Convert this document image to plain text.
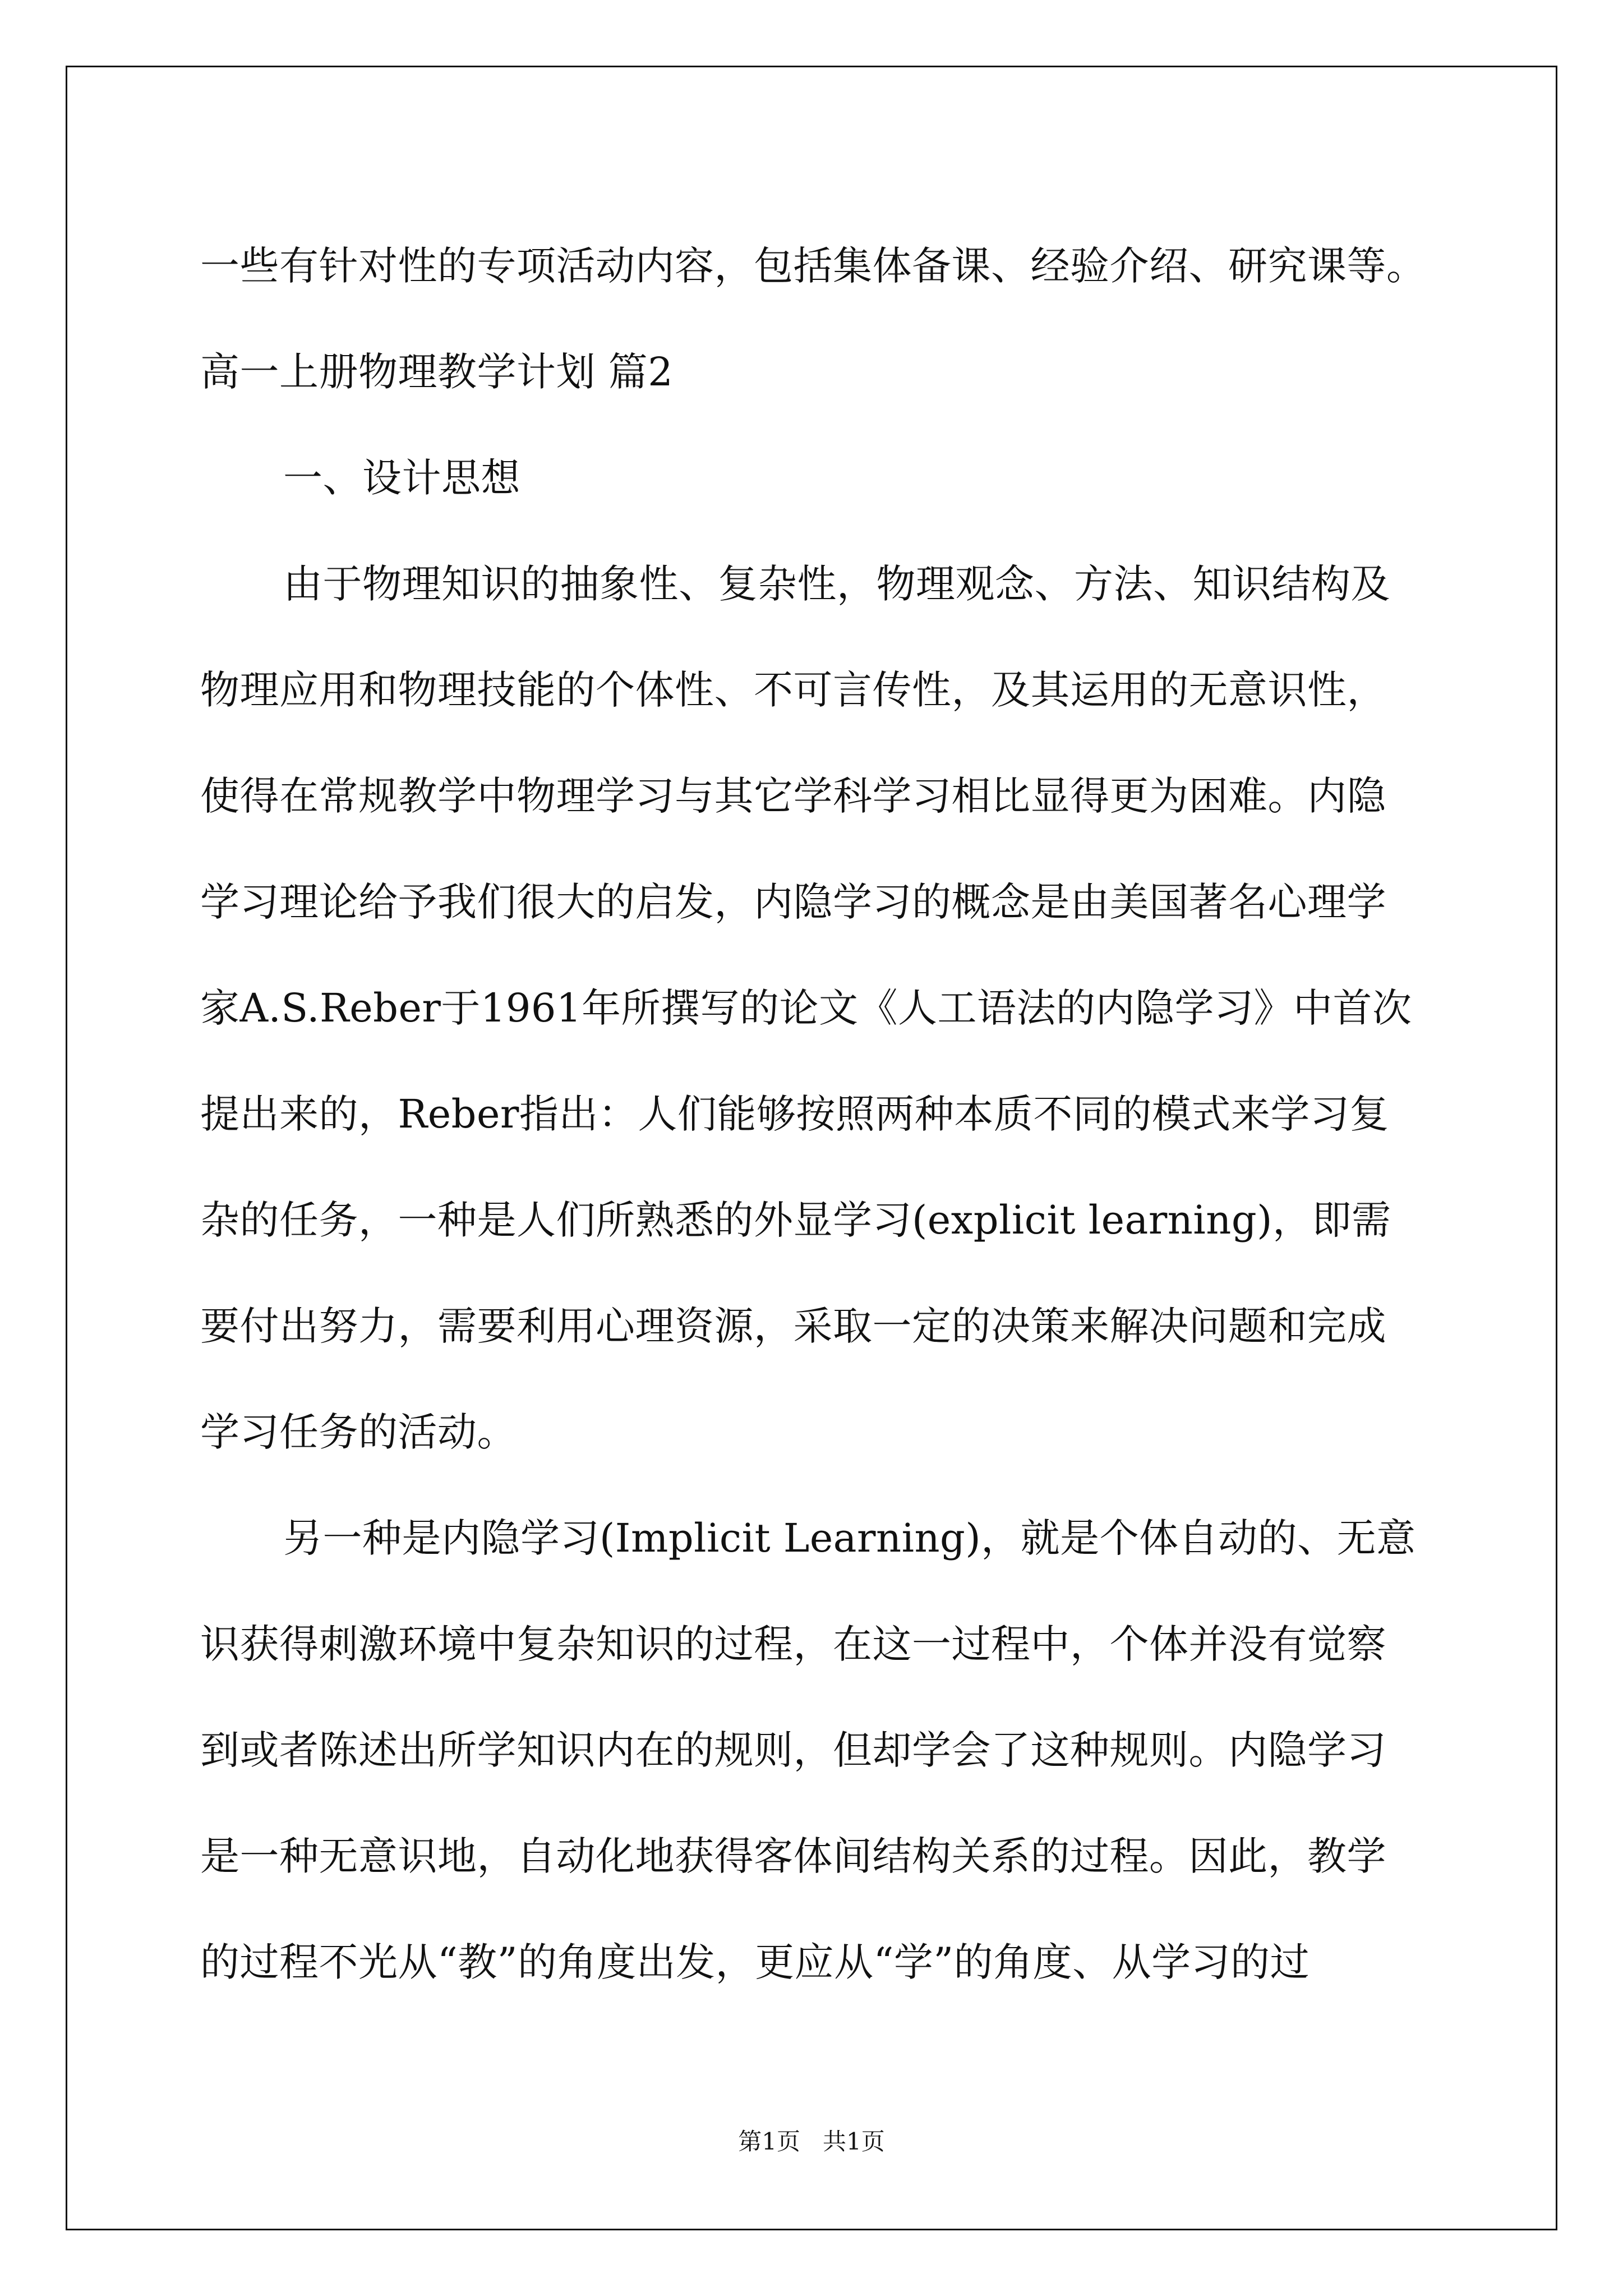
一些有针对性的专项活动内容，包括集体备课、经验介绍、研究课等。
高一上册物理教学计划 篇2
一、设计思想
由于物理知识的抽象性、复杂性，物理观念、方法、知识结构及
物理应用和物理技能的个体性、不可言传性，及其运用的无意识性，
使得在常规教学中物理学习与其它学科学习相比显得更为困难。内隐
学习理论给予我们很大的启发，内隐学习的概念是由美国著名心理学
家A.S.Reber于1961年所撰写的论文《人工语法的内隐学习》中首次
提出来的，Reber指出：人们能够按照两种本质不同的模式来学习复
杂的任务，一种是人们所熟悉的外显学习(explicit learning)，即需
要付出努力，需要利用心理资源，采取一定的决策来解决问题和完成
学习任务的活动。
另一种是内隐学习(Implicit Learning)，就是个体自动的、无意
识获得刺激环境中复杂知识的过程，在这一过程中，个体并没有觉察
到或者陈述出所学知识内在的规则，但却学会了这种规则。内隐学习
是一种无意识地，自动化地获得客体间结构关系的过程。因此，教学
的过程不光从“教”的角度出发，更应从“学”的角度、从学习的过
第1页   共1页
